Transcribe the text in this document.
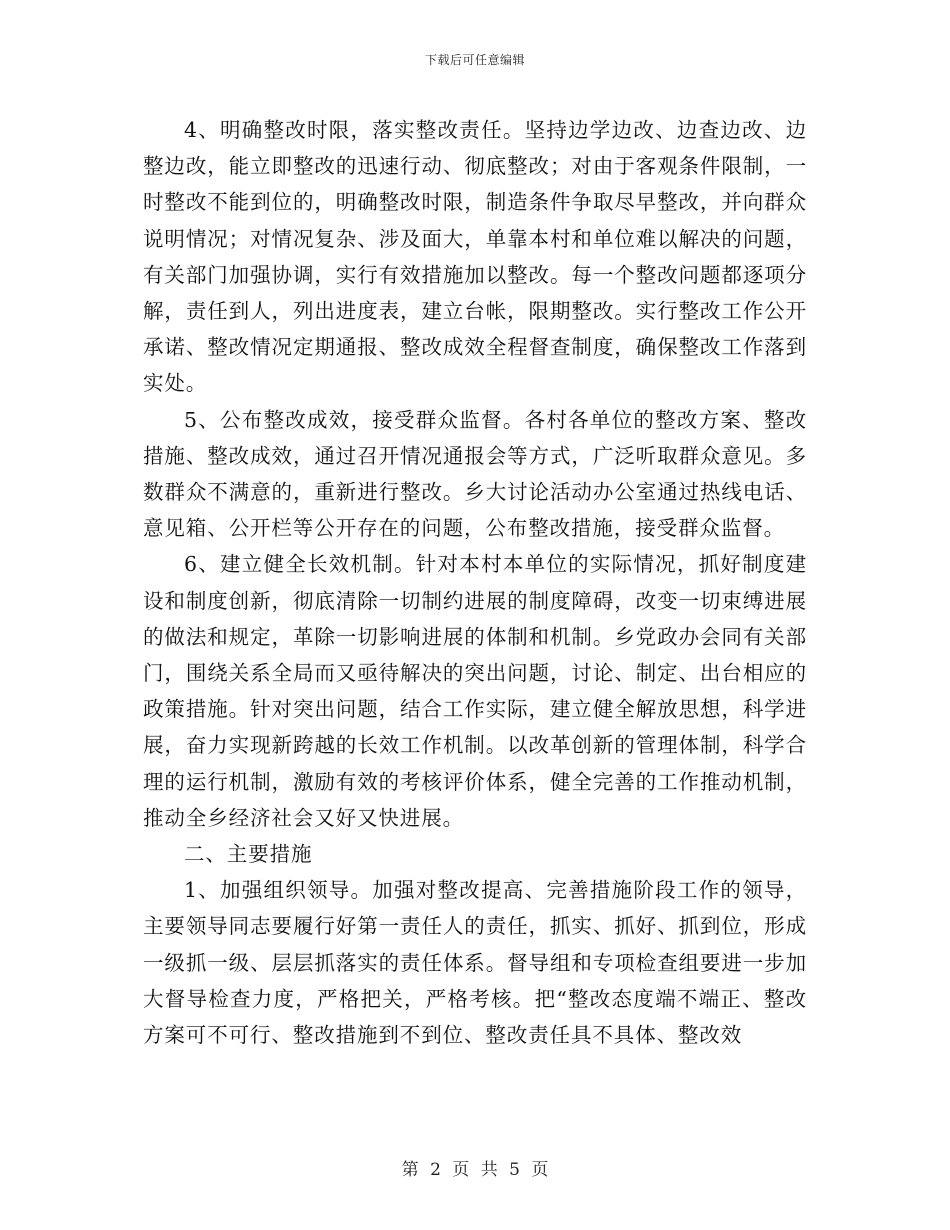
下载后可任意编辑

4、明确整改时限，落实整改责任。坚持边学边改、边查边改、边整边改，能立即整改的迅速行动、彻底整改；对由于客观条件限制，一时整改不能到位的，明确整改时限，制造条件争取尽早整改，并向群众说明情况；对情况复杂、涉及面大，单靠本村和单位难以解决的问题，有关部门加强协调，实行有效措施加以整改。每一个整改问题都逐项分解，责任到人，列出进度表，建立台帐，限期整改。实行整改工作公开承诺、整改情况定期通报、整改成效全程督查制度，确保整改工作落到实处。

5、公布整改成效，接受群众监督。各村各单位的整改方案、整改措施、整改成效，通过召开情况通报会等方式，广泛听取群众意见。多数群众不满意的，重新进行整改。乡大讨论活动办公室通过热线电话、意见箱、公开栏等公开存在的问题，公布整改措施，接受群众监督。

6、建立健全长效机制。针对本村本单位的实际情况，抓好制度建设和制度创新，彻底清除一切制约进展的制度障碍，改变一切束缚进展的做法和规定，革除一切影响进展的体制和机制。乡党政办会同有关部门，围绕关系全局而又亟待解决的突出问题，讨论、制定、出台相应的政策措施。针对突出问题，结合工作实际，建立健全解放思想，科学进展，奋力实现新跨越的长效工作机制。以改革创新的管理体制，科学合理的运行机制，激励有效的考核评价体系，健全完善的工作推动机制，推动全乡经济社会又好又快进展。

二、主要措施

1、加强组织领导。加强对整改提高、完善措施阶段工作的领导，主要领导同志要履行好第一责任人的责任，抓实、抓好、抓到位，形成一级抓一级、层层抓落实的责任体系。督导组和专项检查组要进一步加大督导检查力度，严格把关，严格考核。把“整改态度端不端正、整改方案可不可行、整改措施到不到位、整改责任具不具体、整改效

第 2 页 共 5 页
